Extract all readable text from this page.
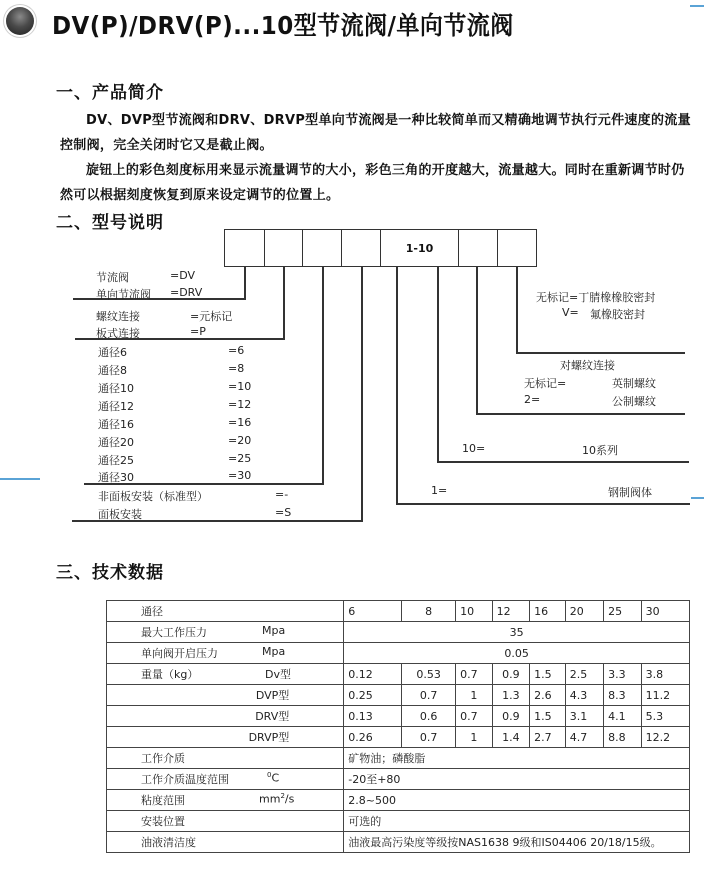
DV(P)/DRV(P)...10型节流阀/单向节流阀
一、产品简介

DV、DVP型节流阀和DRV、DRVP型单向节流阀是一种比较简单而又精确地调节执行元件速度的流量控制阀，完全关闭时它又是截止阀。

旋钮上的彩色刻度标用来显示流量调节的大小，彩色三角的开度越大，流量越大。同时在重新调节时仍然可以根据刻度恢复到原来设定调节的位置上。

二、型号说明
1-10
节流阀	=DV
单向节流阀 =DRV
螺纹连接	=元标记
板式连接	=P
通径6	=6
通径8	=8
通径10	=10
通径12	=12
通径16	=16
通径20	=20
通径25	=25
通径30	=30
非面板安装（标准型）	=-
面板安装	=S
无标记=丁腈橡橡胶密封
V= 氟橡胶密封
对螺纹连接
无标记=	英制螺纹
2=	公制螺纹
10=	10系列
1=	钢制阀体
三、技术数据
通径	6	8	10	12	16	20	25	30
最大工作压力 Mpa	35							
单向阀开启压力 Mpa	0.05							
重量（kg） Dv型	0.12	0.53	0.7	0.9	1.5	2.5	3.3	3.8
DVP型	0.25	0.7	1	1.3	2.6	4.3	8.3	11.2
DRV型	0.13	0.6	0.7	0.9	1.5	3.1	4.1	5.3
DRVP型	0.26	0.7	1	1.4	2.7	4.7	8.8	12.2
工作介质	矿物油；磷酸脂							
工作介质温度范围 $^0$C	-20至+80							
粘度范围 $mm^2/s$	2.8~500							
安装位置	可选的							
油液清洁度	油液最高污染度等级按NAS1638 9级和IS04406 20/18/15级。							
